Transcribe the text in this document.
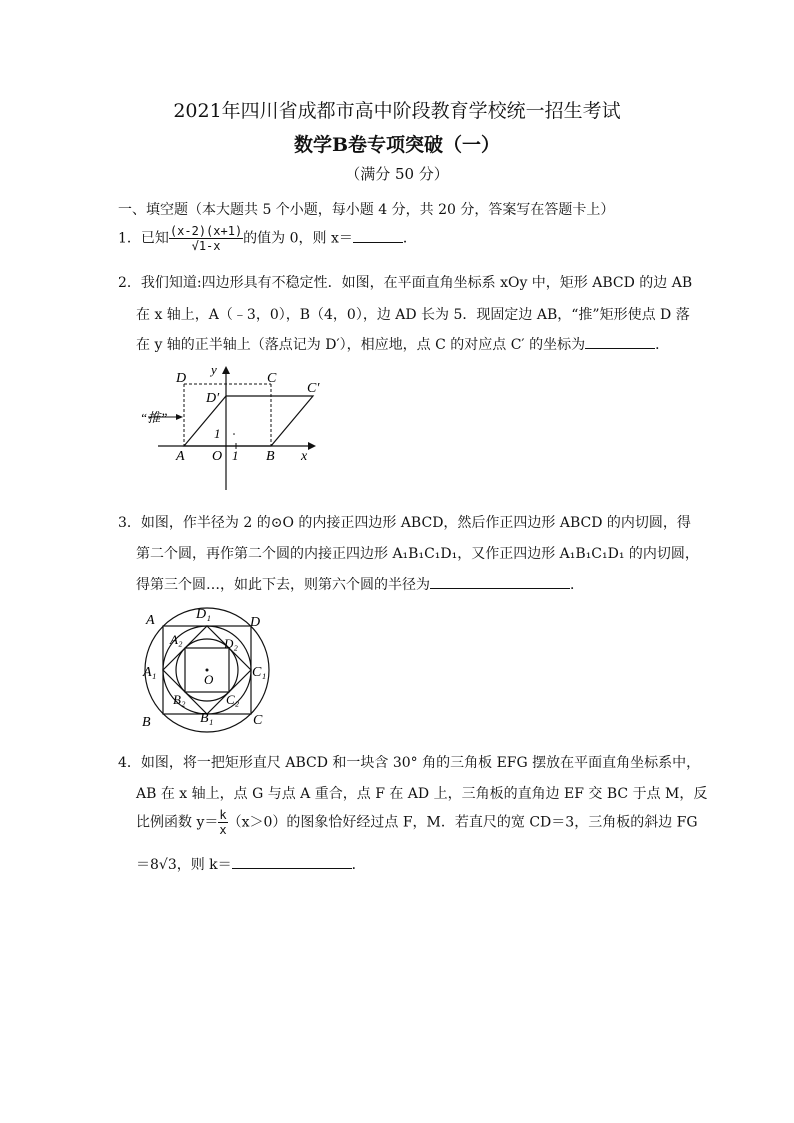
2021年四川省成都市高中阶段教育学校统一招生考试
数学B卷专项突破（一）
（满分 50 分）
一、填空题（本大题共 5 个小题，每小题 4 分，共 20 分，答案写在答题卡上）
1．已知 $\frac{(x-2)(x+1)}{√1-x}$ 的值为 0，则 x＝	．
2．我们知道:四边形具有不稳定性．如图，在平面直角坐标系 xOy 中，矩形 ABCD 的边 AB
在 x 轴上，A（﹣3，0），B（4，0），边 AD 长为 5．现固定边 AB，“推”矩形使点 D 落
在 y 轴的正半轴上（落点记为 D′），相应地，点 C 的对应点 C′ 的坐标为	．
D	C
C′
D′
y
1
A O 1 B x
“推”
3．如图，作半径为 2 的⊙O 的内接正四边形 ABCD，然后作正四边形 ABCD 的内切圆，得
第二个圆，再作第二个圆的内接正四边形 A₁B₁C₁D₁，又作正四边形 A₁B₁C₁D₁ 的内切圆，
得第三个圆…，如此下去，则第六个圆的半径为	．
A	D₁
D
A₂	D₂
A₁	C₁
O
B₂	C₂
B	B₁	C
4．如图，将一把矩形直尺 ABCD 和一块含 30° 角的三角板 EFG 摆放在平面直角坐标系中，
AB 在 x 轴上，点 G 与点 A 重合，点 F 在 AD 上，三角板的直角边 EF 交 BC 于点 M，反
比例函数 $y= \frac{k}{x} (x>0)$的图象恰好经过点 F，M．若直尺的宽 CD＝3，三角板的斜边 FG
＝8√3，则 k＝	．
